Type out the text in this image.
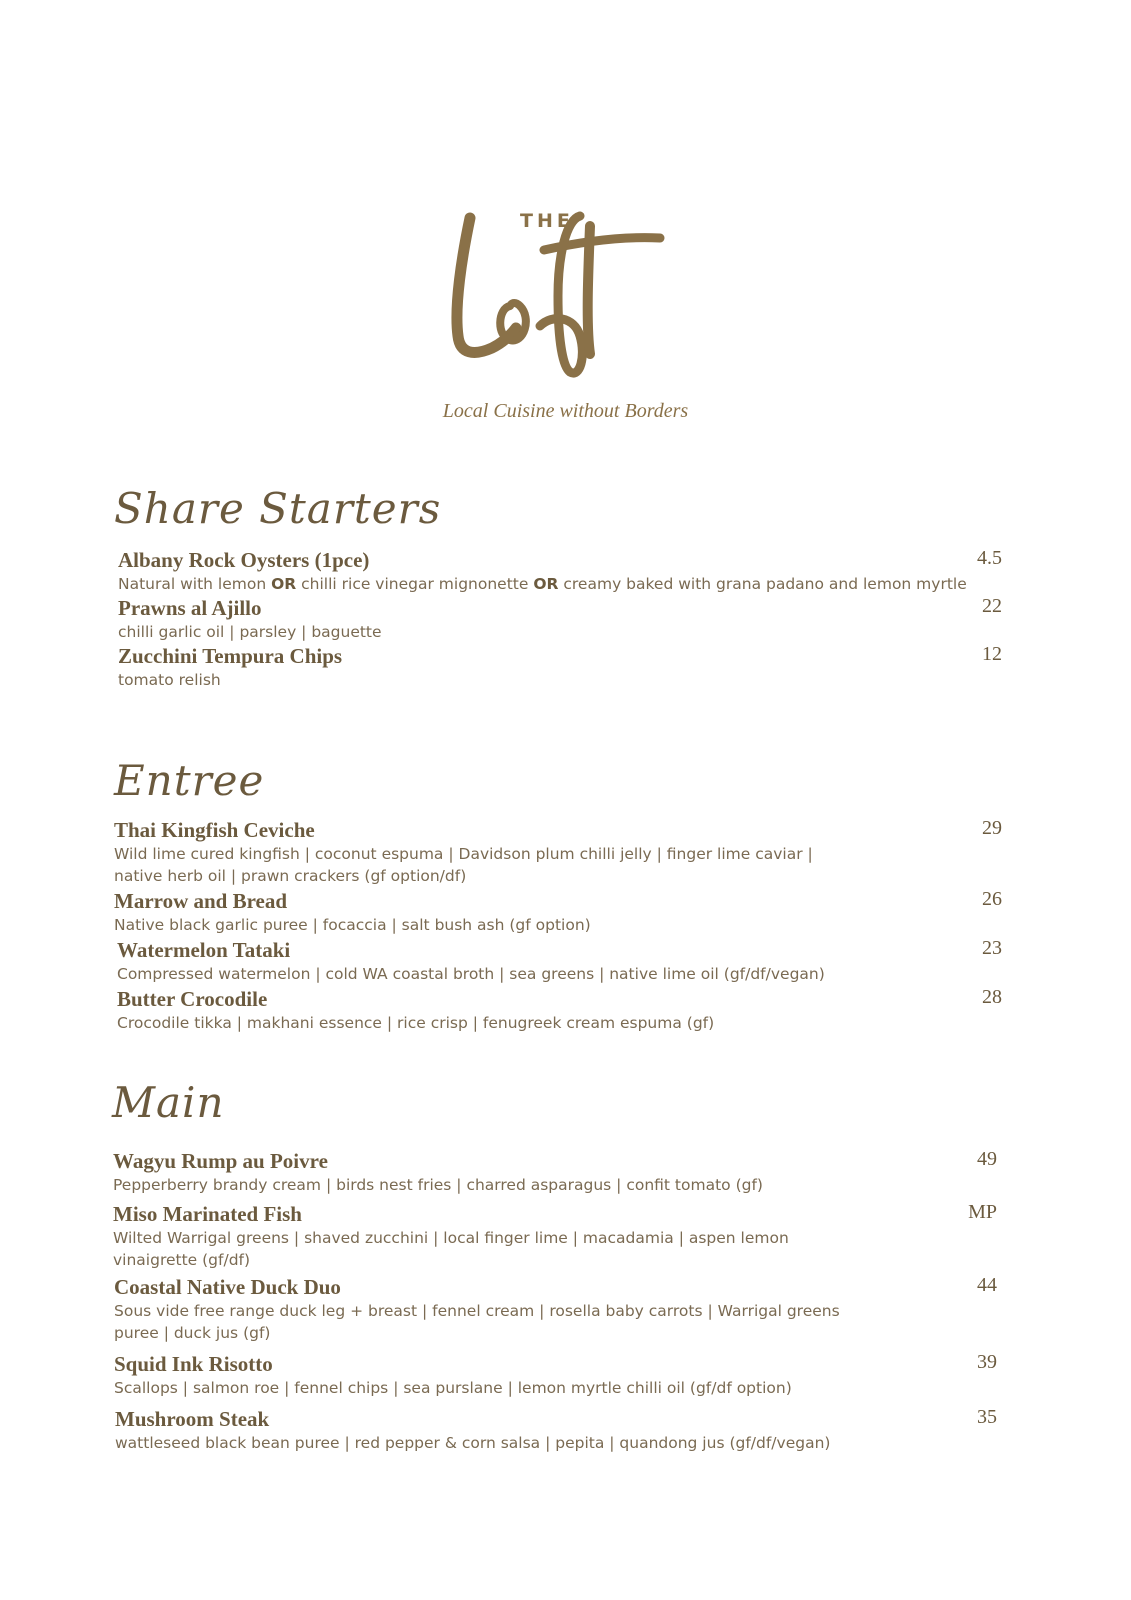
THE
Local Cuisine without Borders
Share Starters
Albany Rock Oysters (1pce)
Natural with lemon OR chilli rice vinegar mignonette OR creamy baked with grana padano and lemon myrtle
4.5
Prawns al Ajillo
chilli garlic oil | parsley | baguette
22
Zucchini Tempura Chips
tomato relish
12
Entree
Thai Kingfish Ceviche
Wild lime cured kingfish | coconut espuma | Davidson plum chilli jelly | finger lime caviar |
native herb oil | prawn crackers (gf option/df)
29
Marrow and Bread
Native black garlic puree | focaccia | salt bush ash (gf option)
26
Watermelon Tataki
Compressed watermelon | cold WA coastal broth | sea greens | native lime oil (gf/df/vegan)
23
Butter Crocodile
Crocodile tikka | makhani essence | rice crisp | fenugreek cream espuma (gf)
28
Main
Wagyu Rump au Poivre
Pepperberry brandy cream | birds nest fries | charred asparagus | confit tomato (gf)
49
Miso Marinated Fish
Wilted Warrigal greens | shaved zucchini | local finger lime | macadamia | aspen lemon
vinaigrette (gf/df)
MP
Coastal Native Duck Duo
Sous vide free range duck leg + breast | fennel cream | rosella baby carrots | Warrigal greens
puree | duck jus (gf)
44
Squid Ink Risotto
Scallops | salmon roe | fennel chips | sea purslane | lemon myrtle chilli oil (gf/df option)
39
Mushroom Steak
wattleseed black bean puree | red pepper & corn salsa | pepita | quandong jus (gf/df/vegan)
35
